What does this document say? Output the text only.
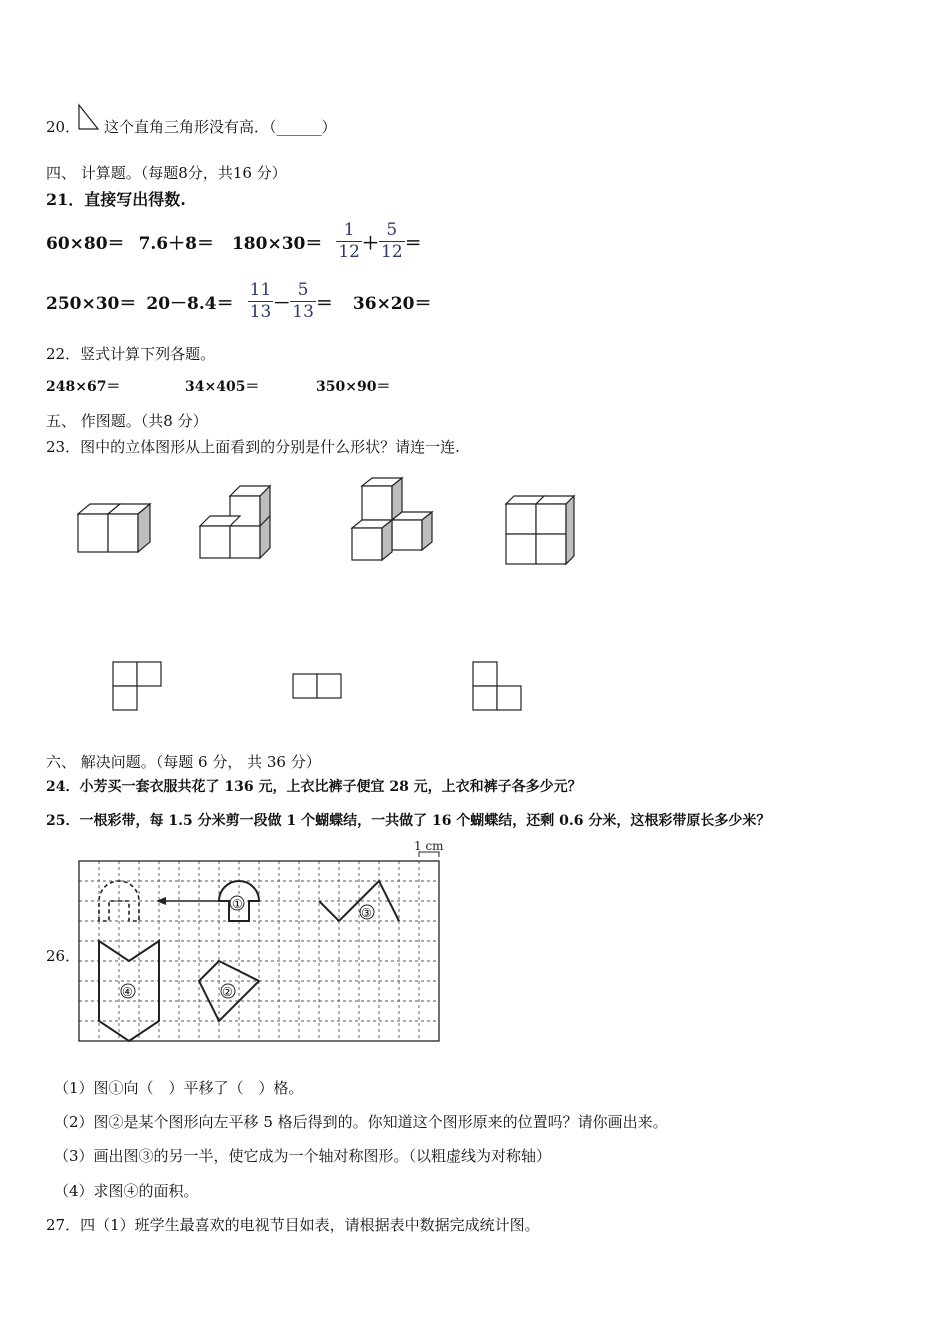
20． 这个直角三角形没有高．（______）
四、 计算题。（每题8分，共16 分）
21．直接写出得数.
$60\times 80= 7.6+8= 180\times 30= \frac{1}{12} + \frac{5}{12}$ ＝
$250\times 30= 20-8.4= \frac{11}{13} - \frac{5}{13} = 36\times 20=$
22．竖式计算下列各题。
248×67＝	34×405＝	350×90＝
五、 作图题。（共8 分）
23．图中的立体图形从上面看到的分别是什么形状？请连一连.
六、 解决问题。（每题 6 分， 共 36 分）
24．小芳买一套衣服共花了 136 元，上衣比裤子便宜 28 元，上衣和裤子各多少元？
25．一根彩带，每 1.5 分米剪一段做 1 个蝴蝶结，一共做了 16 个蝴蝶结，还剩 0.6 分米，这根彩带原长多少米？
26．
1 cm
①
③
④	②
（1）图①向（　）平移了（　）格。
（2）图②是某个图形向左平移 5 格后得到的。你知道这个图形原来的位置吗？请你画出来。
（3）画出图③的另一半，使它成为一个轴对称图形。（以粗虚线为对称轴）
（4）求图④的面积。
27．四（1）班学生最喜欢的电视节目如表，请根据表中数据完成统计图。
